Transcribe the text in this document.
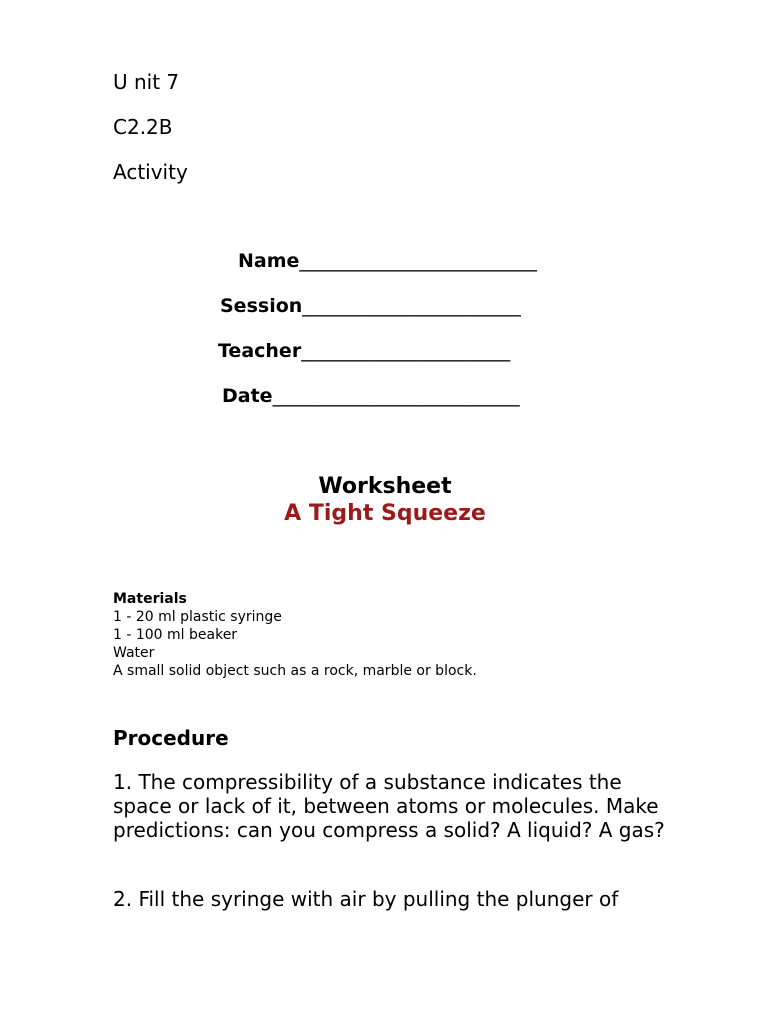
U nit 7
C2.2B
Activity
Name_________________________
Session_______________________
Teacher______________________
Date__________________________
Worksheet
A Tight Squeeze
Materials
1 - 20 ml plastic syringe
1 - 100 ml beaker
Water
A small solid object such as a rock, marble or block.
Procedure
1. The compressibility of a substance indicates the space or lack of it, between atoms or molecules. Make predictions: can you compress a solid? A liquid? A gas?
2. Fill the syringe with air by pulling the plunger of
